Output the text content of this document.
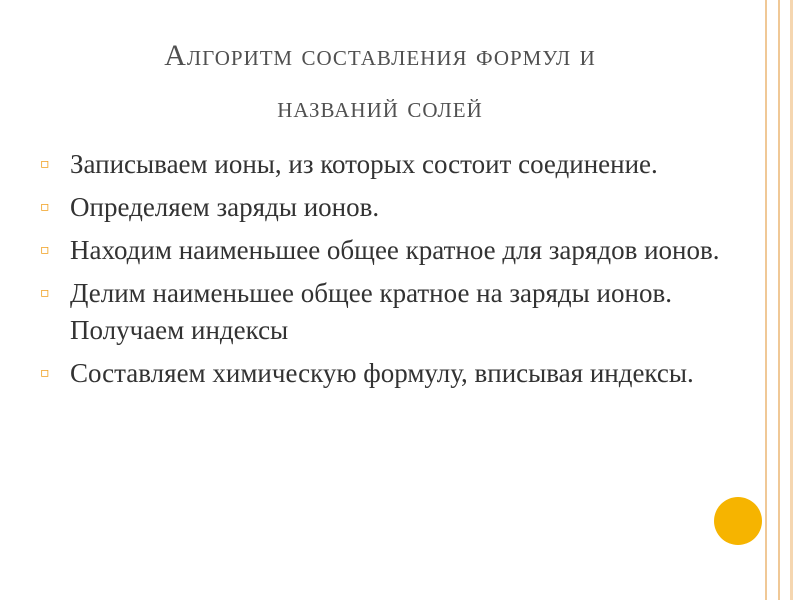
Алгоритм составления формул и
названий солей
▫ Записываем ионы, из которых состоит соединение.
▫ Определяем заряды ионов.
▫ Находим наименьшее общее кратное для зарядов ионов.
▫ Делим наименьшее общее кратное на заряды ионов. Получаем индексы
▫ Составляем химическую формулу, вписывая индексы.
